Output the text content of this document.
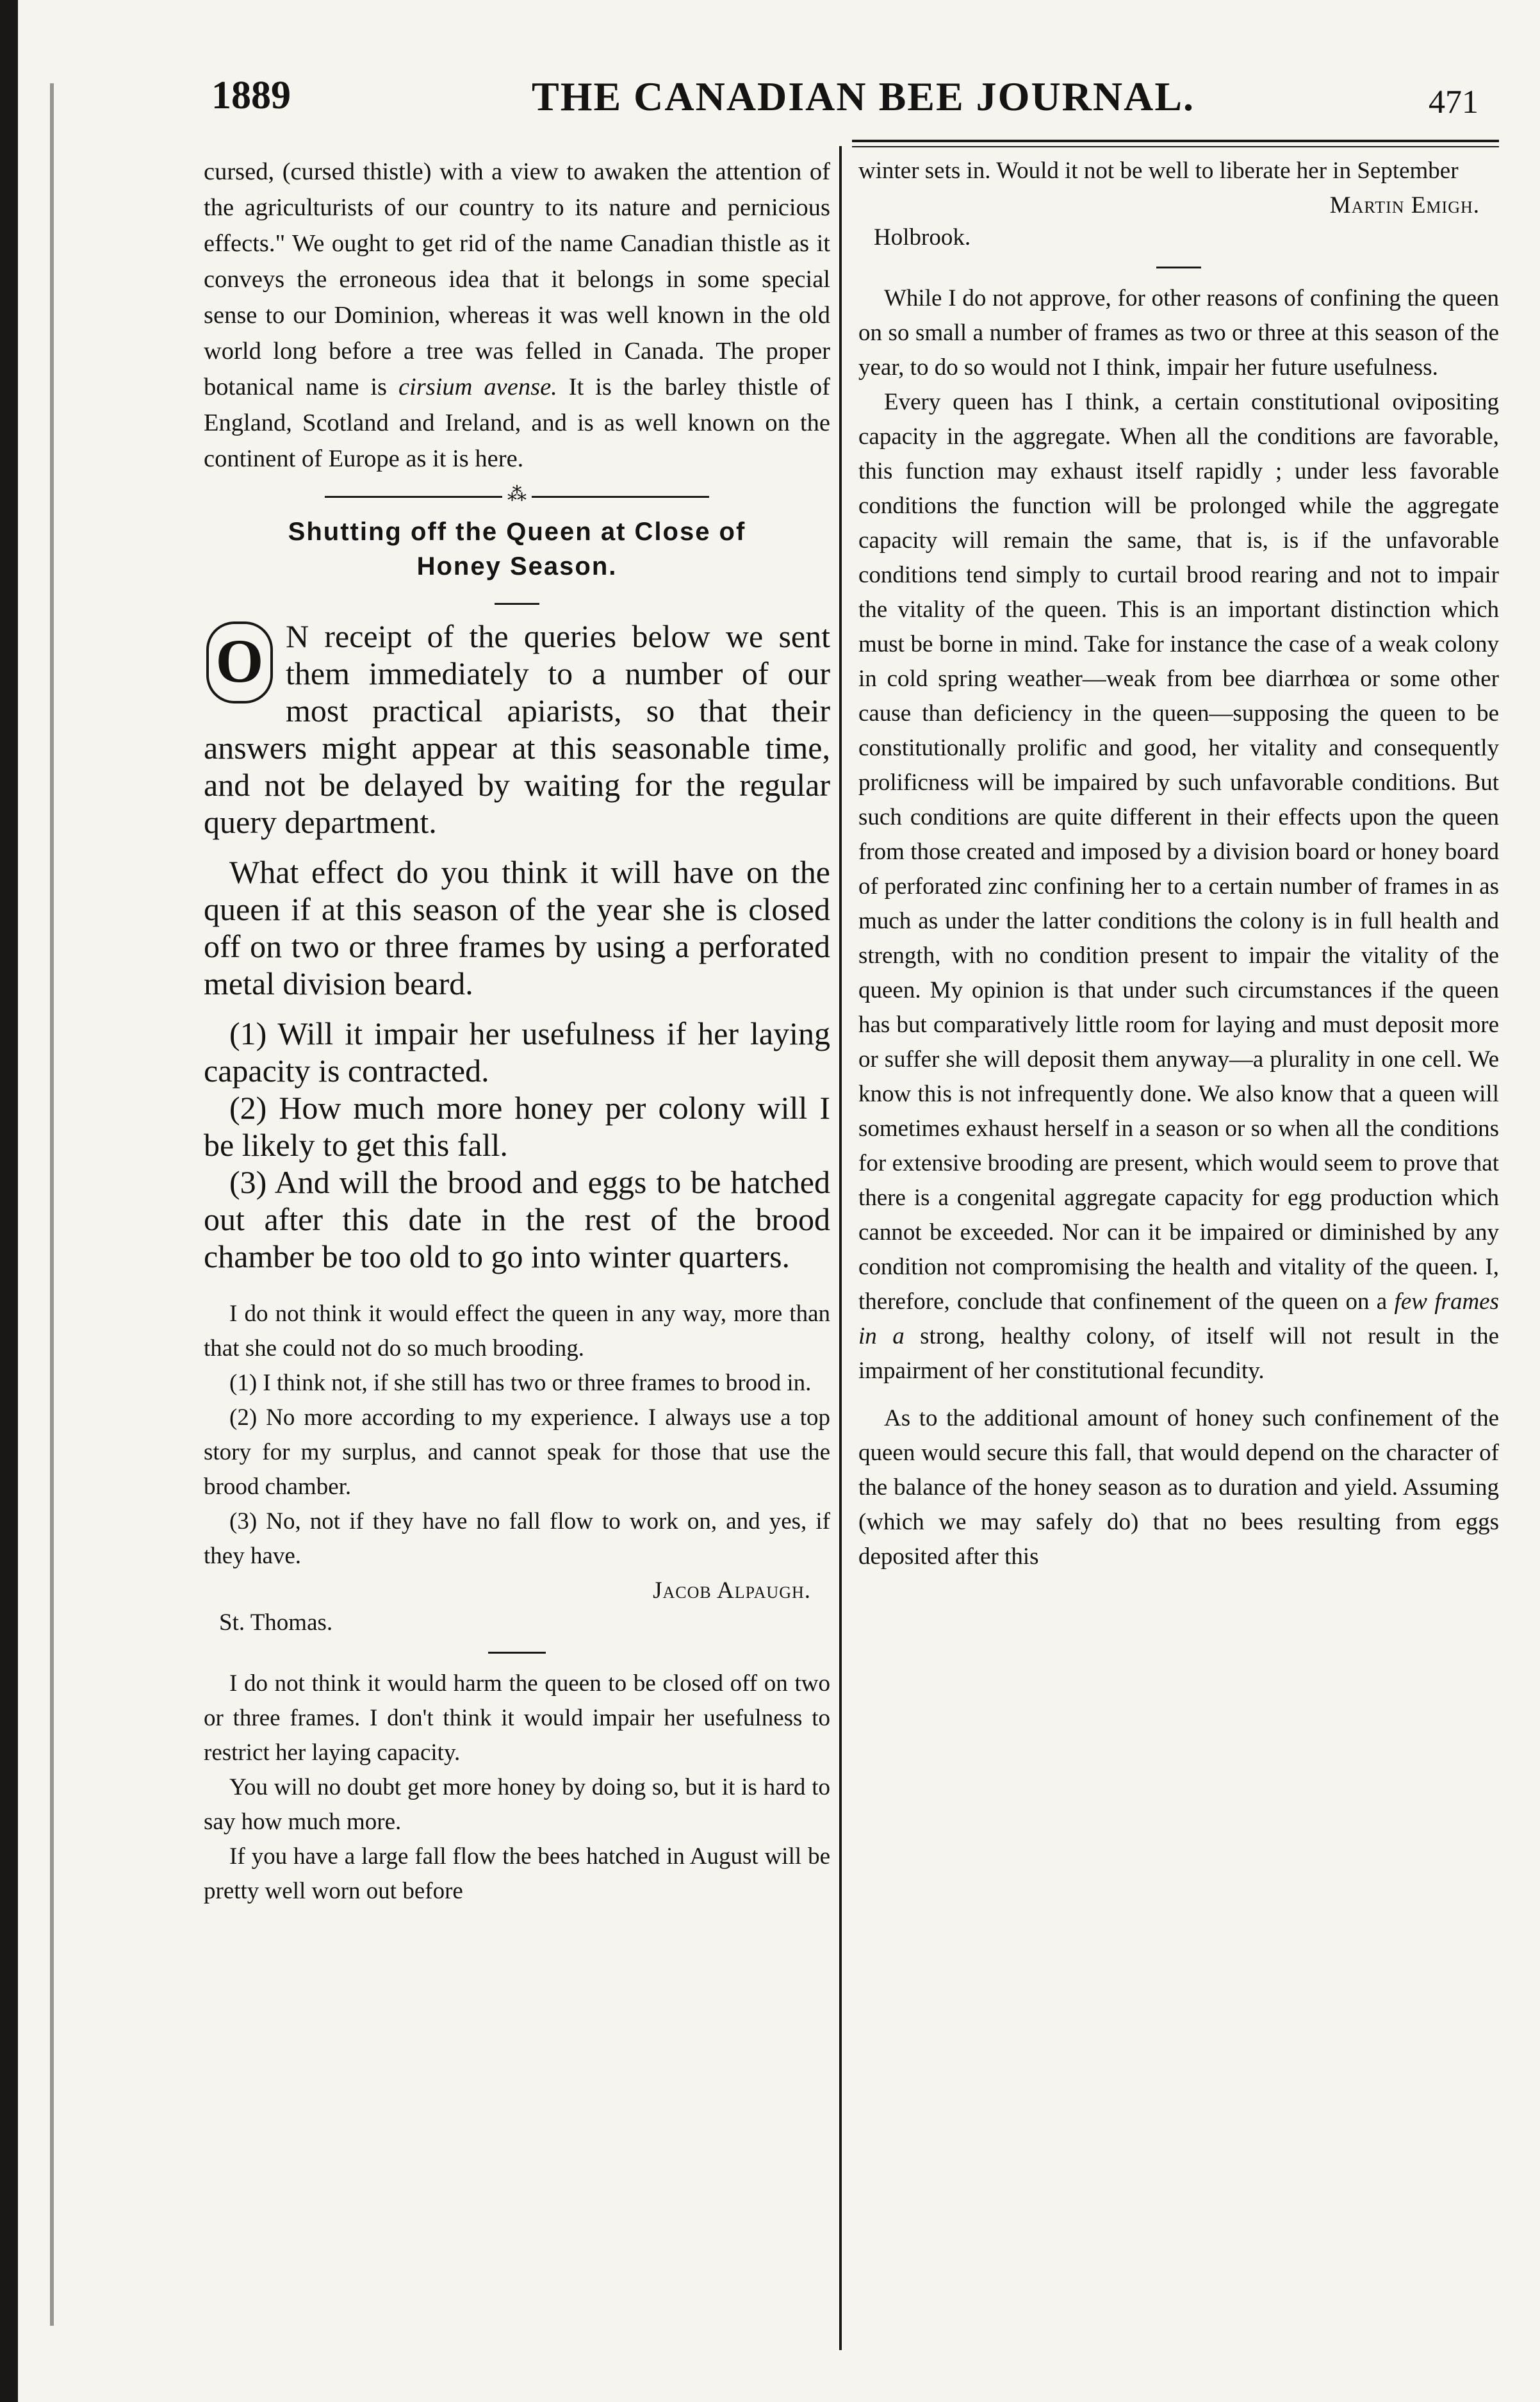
1889	THE CANADIAN BEE JOURNAL.	471

cursed, (cursed thistle) with a view to awaken the attention of the agriculturists of our country to its nature and pernicious effects." We ought to get rid of the name Canadian thistle as it conveys the erroneous idea that it belongs in some special sense to our Dominion, whereas it was well known in the old world long before a tree was felled in Canada. The proper botanical name is cirsium avense. It is the barley thistle of England, Scotland and Ireland, and is as well known on the continent of Europe as it is here.

⁂
Shutting off the Queen at Close of
Honey Season.

O N receipt of the queries below we sent them immediately to a number of our most practical apiarists, so that their answers might appear at this seasonable time, and not be delayed by waiting for the regular query department.

What effect do you think it will have on the queen if at this season of the year she is closed off on two or three frames by using a perforated metal division beard.

(1) Will it impair her usefulness if her laying capacity is contracted.

(2) How much more honey per colony will I be likely to get this fall.

(3) And will the brood and eggs to be hatched out after this date in the rest of the brood chamber be too old to go into winter quarters.

I do not think it would effect the queen in any way, more than that she could not do so much brooding.

(1) I think not, if she still has two or three frames to brood in.

(2) No more according to my experience. I always use a top story for my surplus, and cannot speak for those that use the brood chamber.

(3) No, not if they have no fall flow to work on, and yes, if they have.

Jacob Alpaugh.

St. Thomas.

I do not think it would harm the queen to be closed off on two or three frames. I don't think it would impair her usefulness to restrict her laying capacity.

You will no doubt get more honey by doing so, but it is hard to say how much more.

If you have a large fall flow the bees hatched in August will be pretty well worn out before

winter sets in. Would it not be well to liberate her in September

Martin Emigh.

Holbrook.

While I do not approve, for other reasons of confining the queen on so small a number of frames as two or three at this season of the year, to do so would not I think, impair her future usefulness.

Every queen has I think, a certain constitutional ovipositing capacity in the aggregate. When all the conditions are favorable, this function may exhaust itself rapidly ; under less favorable conditions the function will be prolonged while the aggregate capacity will remain the same, that is, is if the unfavorable conditions tend simply to curtail brood rearing and not to impair the vitality of the queen. This is an important distinction which must be borne in mind. Take for instance the case of a weak colony in cold spring weather—weak from bee diarrhœa or some other cause than deficiency in the queen—supposing the queen to be constitutionally prolific and good, her vitality and consequently prolificness will be impaired by such unfavorable conditions. But such conditions are quite different in their effects upon the queen from those created and imposed by a division board or honey board of perforated zinc confining her to a certain number of frames in as much as under the latter conditions the colony is in full health and strength, with no condition present to impair the vitality of the queen. My opinion is that under such circumstances if the queen has but comparatively little room for laying and must deposit more or suffer she will deposit them anyway—a plurality in one cell. We know this is not infrequently done. We also know that a queen will sometimes exhaust herself in a season or so when all the conditions for extensive brooding are present, which would seem to prove that there is a congenital aggregate capacity for egg production which cannot be exceeded. Nor can it be impaired or diminished by any condition not compromising the health and vitality of the queen. I, therefore, conclude that confinement of the queen on a few frames in a strong, healthy colony, of itself will not result in the impairment of her constitutional fecundity.

As to the additional amount of honey such confinement of the queen would secure this fall, that would depend on the character of the balance of the honey season as to duration and yield. Assuming (which we may safely do) that no bees resulting from eggs deposited after this
